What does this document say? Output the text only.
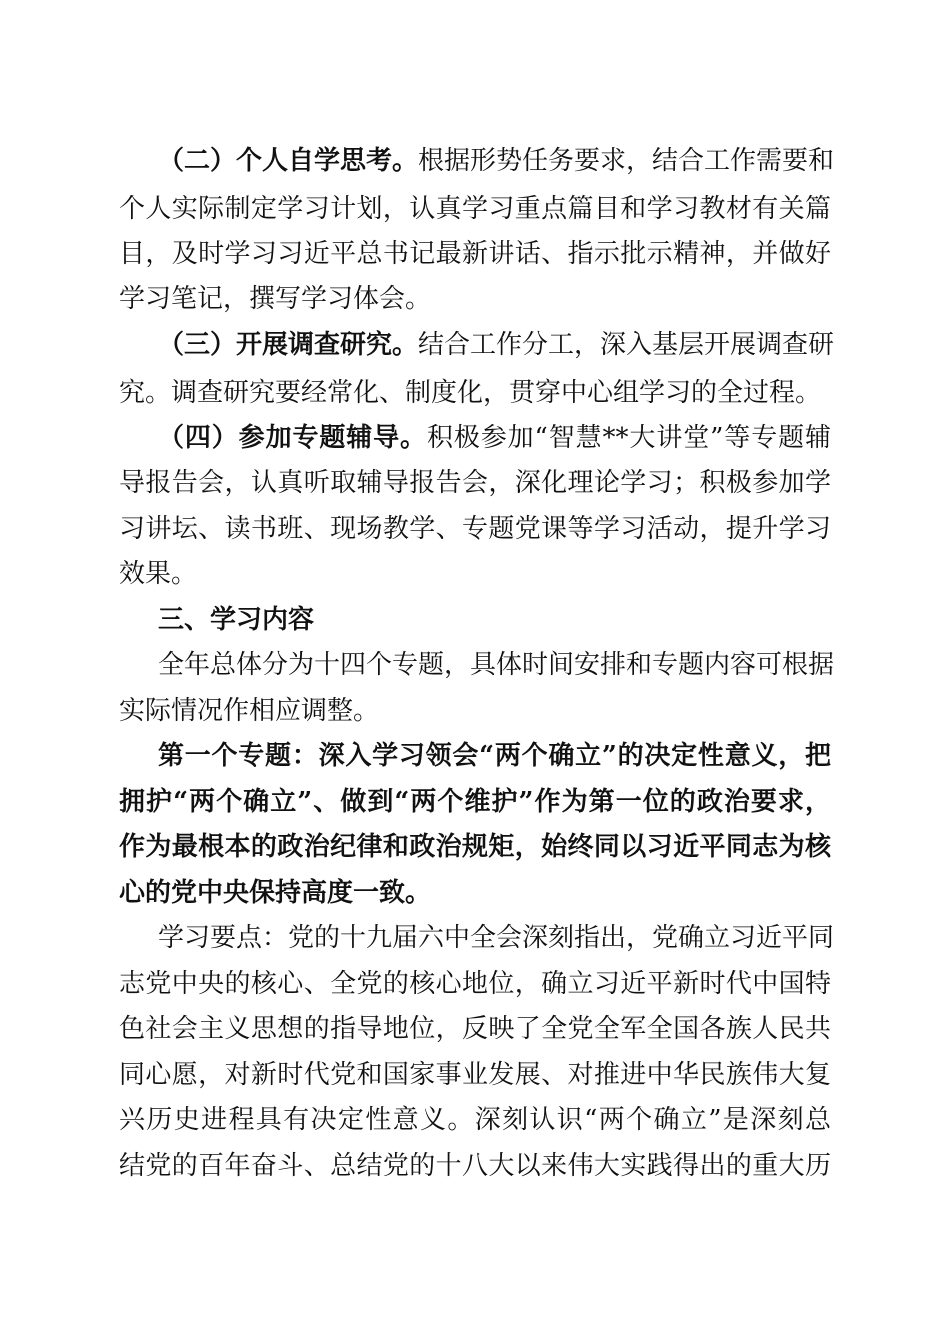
（二）个人自学思考。根据形势任务要求，结合工作需要和
个人实际制定学习计划，认真学习重点篇目和学习教材有关篇
目，及时学习习近平总书记最新讲话、指示批示精神，并做好
学习笔记，撰写学习体会。
（三）开展调查研究。结合工作分工，深入基层开展调查研
究。调查研究要经常化、制度化，贯穿中心组学习的全过程。
（四）参加专题辅导。积极参加“智慧**大讲堂”等专题辅
导报告会，认真听取辅导报告会，深化理论学习；积极参加学
习讲坛、读书班、现场教学、专题党课等学习活动，提升学习
效果。
三、学习内容
全年总体分为十四个专题，具体时间安排和专题内容可根据
实际情况作相应调整。
第一个专题：深入学习领会“两个确立”的决定性意义，把
拥护“两个确立”、做到“两个维护”作为第一位的政治要求，
作为最根本的政治纪律和政治规矩，始终同以习近平同志为核
心的党中央保持高度一致。
学习要点：党的十九届六中全会深刻指出，党确立习近平同
志党中央的核心、全党的核心地位，确立习近平新时代中国特
色社会主义思想的指导地位，反映了全党全军全国各族人民共
同心愿，对新时代党和国家事业发展、对推进中华民族伟大复
兴历史进程具有决定性意义。深刻认识“两个确立”是深刻总
结党的百年奋斗、总结党的十八大以来伟大实践得出的重大历
